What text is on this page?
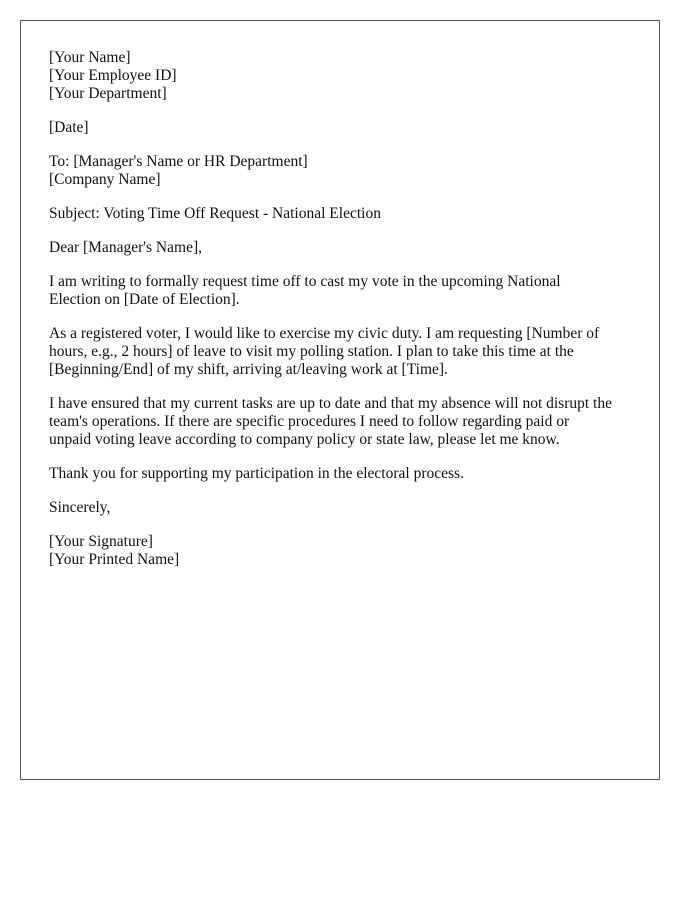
[Your Name]
[Your Employee ID]
[Your Department]
[Date]
To: [Manager's Name or HR Department]
[Company Name]
Subject: Voting Time Off Request - National Election
Dear [Manager's Name],
I am writing to formally request time off to cast my vote in the upcoming National
Election on [Date of Election].
As a registered voter, I would like to exercise my civic duty. I am requesting [Number of
hours, e.g., 2 hours] of leave to visit my polling station. I plan to take this time at the
[Beginning/End] of my shift, arriving at/leaving work at [Time].
I have ensured that my current tasks are up to date and that my absence will not disrupt the
team's operations. If there are specific procedures I need to follow regarding paid or
unpaid voting leave according to company policy or state law, please let me know.
Thank you for supporting my participation in the electoral process.
Sincerely,
[Your Signature]
[Your Printed Name]
